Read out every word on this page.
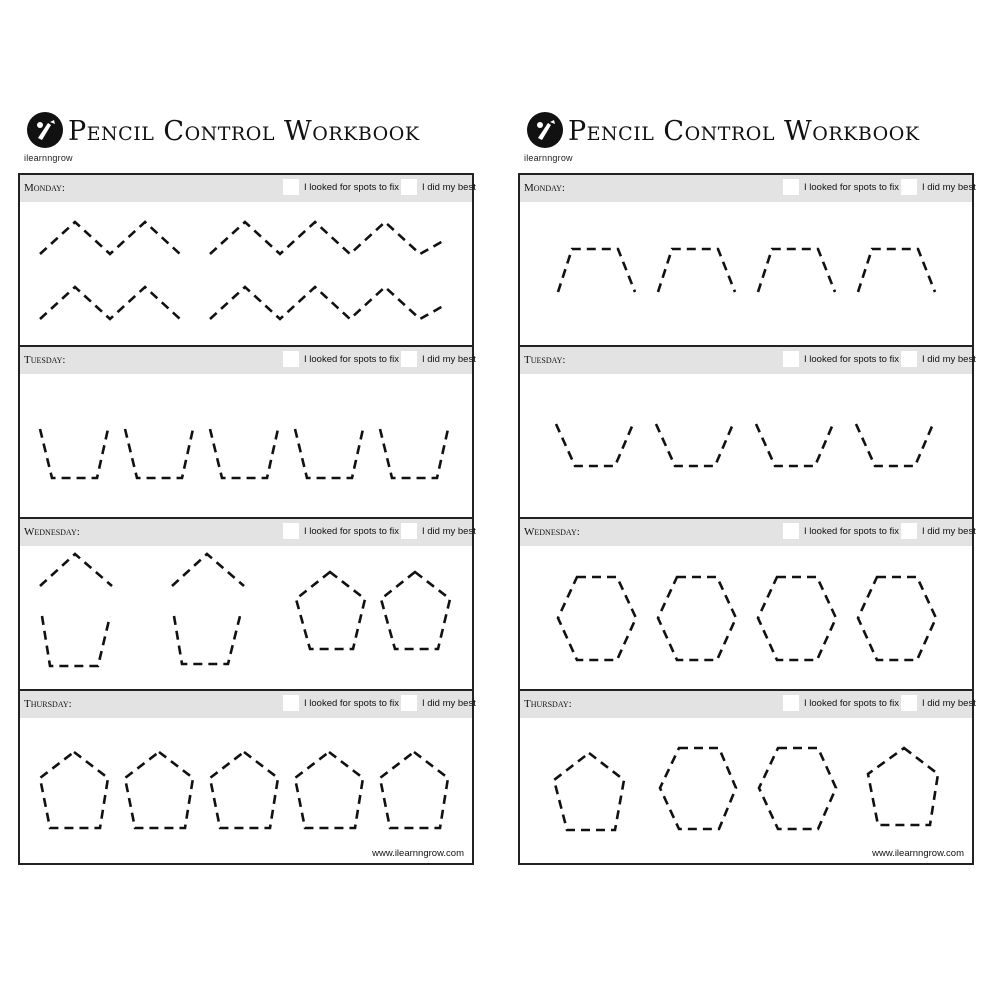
Pencil Control Workbook
ilearnngrow
Monday:	I looked for spots to fix I did my best
Tuesday:	I looked for spots to fix I did my best
Wednesday:	I looked for spots to fix I did my best
Thursday:	I looked for spots to fix I did my best
www.ilearnngrow.com
Pencil Control Workbook
ilearnngrow
Monday:	I looked for spots to fix I did my best
Tuesday:	I looked for spots to fix I did my best
Wednesday:	I looked for spots to fix I did my best
Thursday:	I looked for spots to fix I did my best
www.ilearnngrow.com
